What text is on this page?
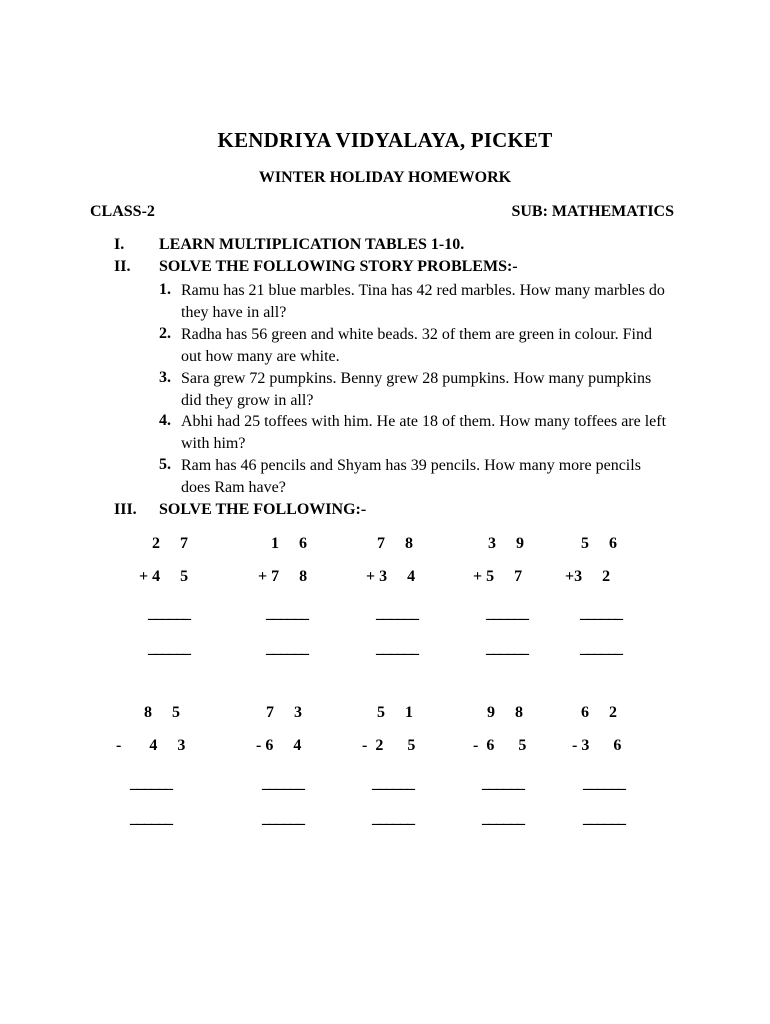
KENDRIYA VIDYALAYA, PICKET
WINTER HOLIDAY HOMEWORK
CLASS-2	SUB: MATHEMATICS
I. LEARN MULTIPLICATION TABLES 1-10.
II. SOLVE THE FOLLOWING STORY PROBLEMS:-
1. Ramu has 21 blue marbles. Tina has 42 red marbles. How many marbles do they have in all?
2. Radha has 56 green and white beads. 32 of them are green in colour. Find out how many are white.
3. Sara grew 72 pumpkins. Benny grew 28 pumpkins. How many pumpkins did they grow in all?
4. Abhi had 25 toffees with him. He ate 18 of them. How many toffees are left with him?
5. Ram has 46 pencils and Shyam has 39 pencils. How many more pencils does Ram have?
III. SOLVE THE FOLLOWING:-
2     7
+ 4     5
______
______
1     6
+ 7     8
______
______
7     8
+ 3     4
______
______
3     9
+ 5     7
______
______
5     6
+3     2
______
______
8     5
-       4     3
______
______
7     3
- 6     4
______
______
5     1
-  2      5
______
______
9     8
-  6      5
______
______
6     2
- 3      6
______
______
